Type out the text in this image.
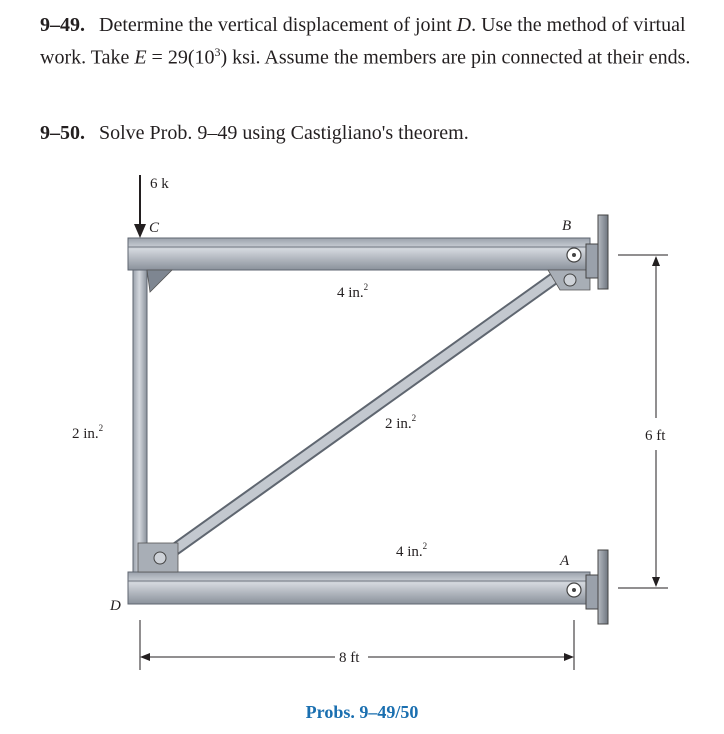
9–49. Determine the vertical displacement of joint D. Use the method of virtual work. Take $E = 29(10^3)$ ksi. Assume the members are pin connected at their ends.

9–50. Solve Prob. 9–49 using Castigliano's theorem.

6 k
C	B
A
D
4 in.$^2$
2 in.$^2$	2 in.$^2$
4 in.$^2$
6 ft
8 ft
Probs. 9–49/50
